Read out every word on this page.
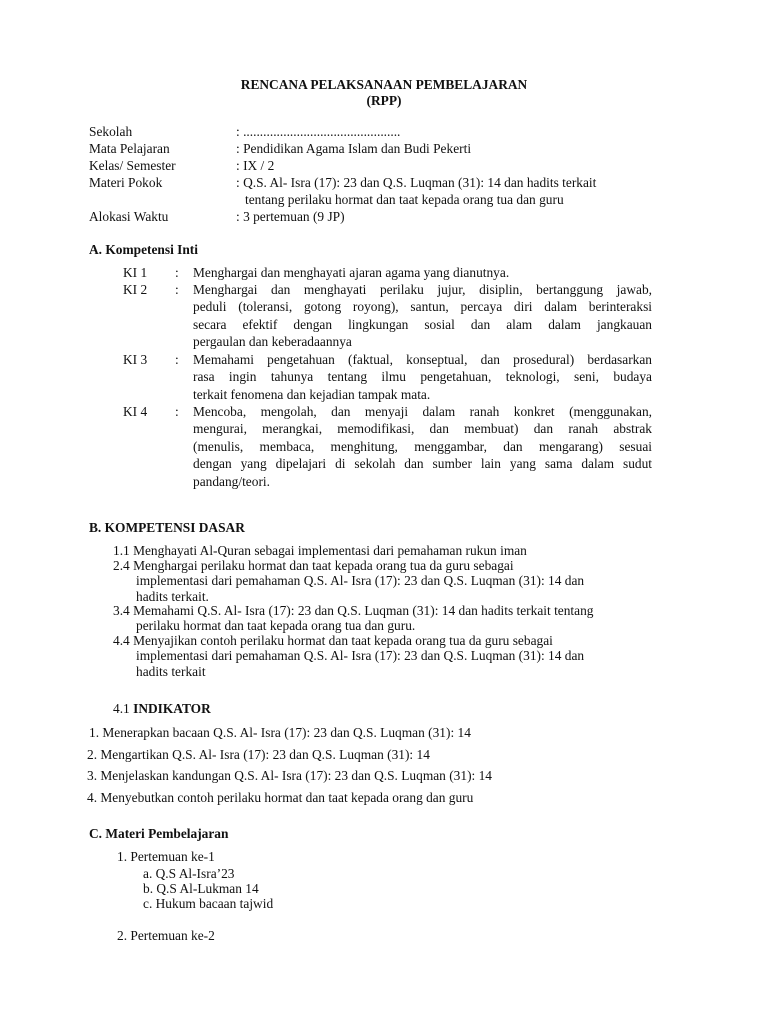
RENCANA PELAKSANAAN PEMBELAJARAN
(RPP)
Sekolah	: ...............................................
Mata Pelajaran	: Pendidikan Agama Islam dan Budi Pekerti
Kelas/ Semester	: IX / 2
Materi Pokok	: Q.S. Al- Isra (17): 23 dan Q.S. Luqman (31): 14 dan hadits terkait
tentang perilaku hormat dan taat kepada orang tua dan guru
Alokasi Waktu	: 3 pertemuan (9 JP)
A. Kompetensi Inti
KI 1 : Menghargai dan menghayati ajaran agama yang dianutnya.
KI 2 : Menghargai dan menghayati perilaku jujur, disiplin, bertanggung jawab,
peduli (toleransi, gotong royong), santun, percaya diri dalam berinteraksi
secara efektif dengan lingkungan sosial dan alam dalam jangkauan
pergaulan dan keberadaannya
KI 3 : Memahami pengetahuan (faktual, konseptual, dan prosedural) berdasarkan
rasa ingin tahunya tentang ilmu pengetahuan, teknologi, seni, budaya
terkait fenomena dan kejadian tampak mata.
KI 4 : Mencoba, mengolah, dan menyaji dalam ranah konkret (menggunakan,
mengurai, merangkai, memodifikasi, dan membuat) dan ranah abstrak
(menulis, membaca, menghitung, menggambar, dan mengarang) sesuai
dengan yang dipelajari di sekolah dan sumber lain yang sama dalam sudut
pandang/teori.
B. KOMPETENSI DASAR
1.1 Menghayati Al-Quran sebagai implementasi dari pemahaman rukun iman
2.4 Menghargai perilaku hormat dan taat kepada orang tua da guru sebagai
implementasi dari pemahaman Q.S. Al- Isra (17): 23 dan Q.S. Luqman (31): 14 dan
hadits terkait.
3.4 Memahami Q.S. Al- Isra (17): 23 dan Q.S. Luqman (31): 14 dan hadits terkait tentang
perilaku hormat dan taat kepada orang tua dan guru.
4.4 Menyajikan contoh perilaku hormat dan taat kepada orang tua da guru sebagai
implementasi dari pemahaman Q.S. Al- Isra (17): 23 dan Q.S. Luqman (31): 14 dan
hadits terkait
4.1 INDIKATOR
1. Menerapkan bacaan Q.S. Al- Isra (17): 23 dan Q.S. Luqman (31): 14
2. Mengartikan Q.S. Al- Isra (17): 23 dan Q.S. Luqman (31): 14
3. Menjelaskan kandungan Q.S. Al- Isra (17): 23 dan Q.S. Luqman (31): 14
4. Menyebutkan contoh perilaku hormat dan taat kepada orang dan guru
C. Materi Pembelajaran
1. Pertemuan ke-1
a. Q.S Al-Isra’23
b. Q.S Al-Lukman 14
c. Hukum bacaan tajwid
2. Pertemuan ke-2
